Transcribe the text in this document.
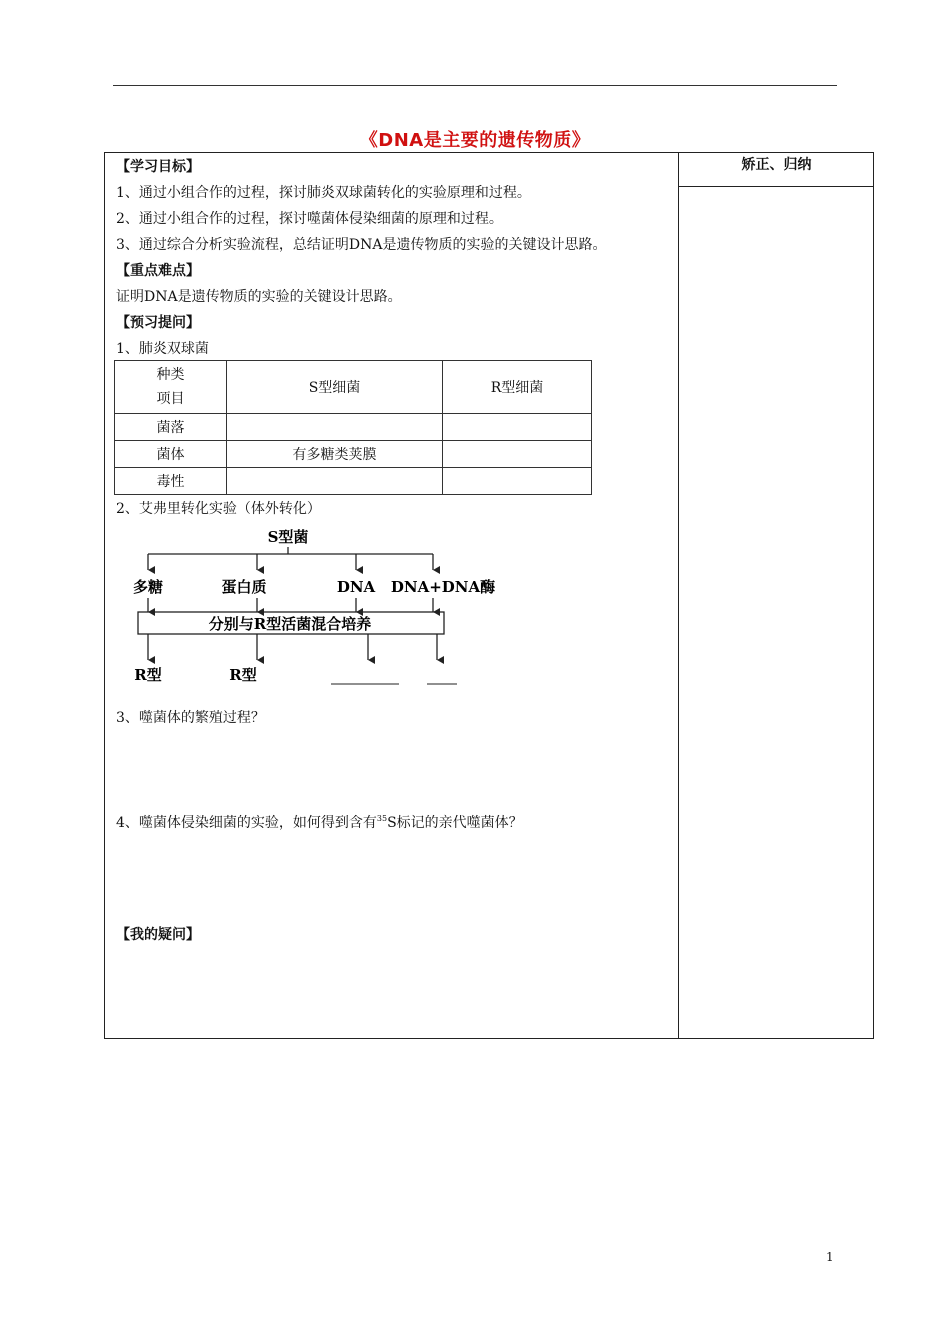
《DNA是主要的遗传物质》
矫正、归纳
【学习目标】
1、通过小组合作的过程，探讨肺炎双球菌转化的实验原理和过程。
2、通过小组合作的过程，探讨噬菌体侵染细菌的原理和过程。
3、通过综合分析实验流程，总结证明DNA是遗传物质的实验的关键设计思路。
【重点难点】
证明DNA是遗传物质的实验的关键设计思路。
【预习提问】
1、肺炎双球菌
种类
项目	S型细菌	R型细菌
菌落		
菌体	有多糖类荚膜	
毒性		
2、艾弗里转化实验（体外转化）
S型菌
多糖	蛋白质	DNA DNA+DNA酶
分别与R型活菌混合培养
R型	R型
3、噬菌体的繁殖过程？
4、噬菌体侵染细菌的实验，如何得到含有$^{35}$S标记的亲代噬菌体？
【我的疑问】
1
